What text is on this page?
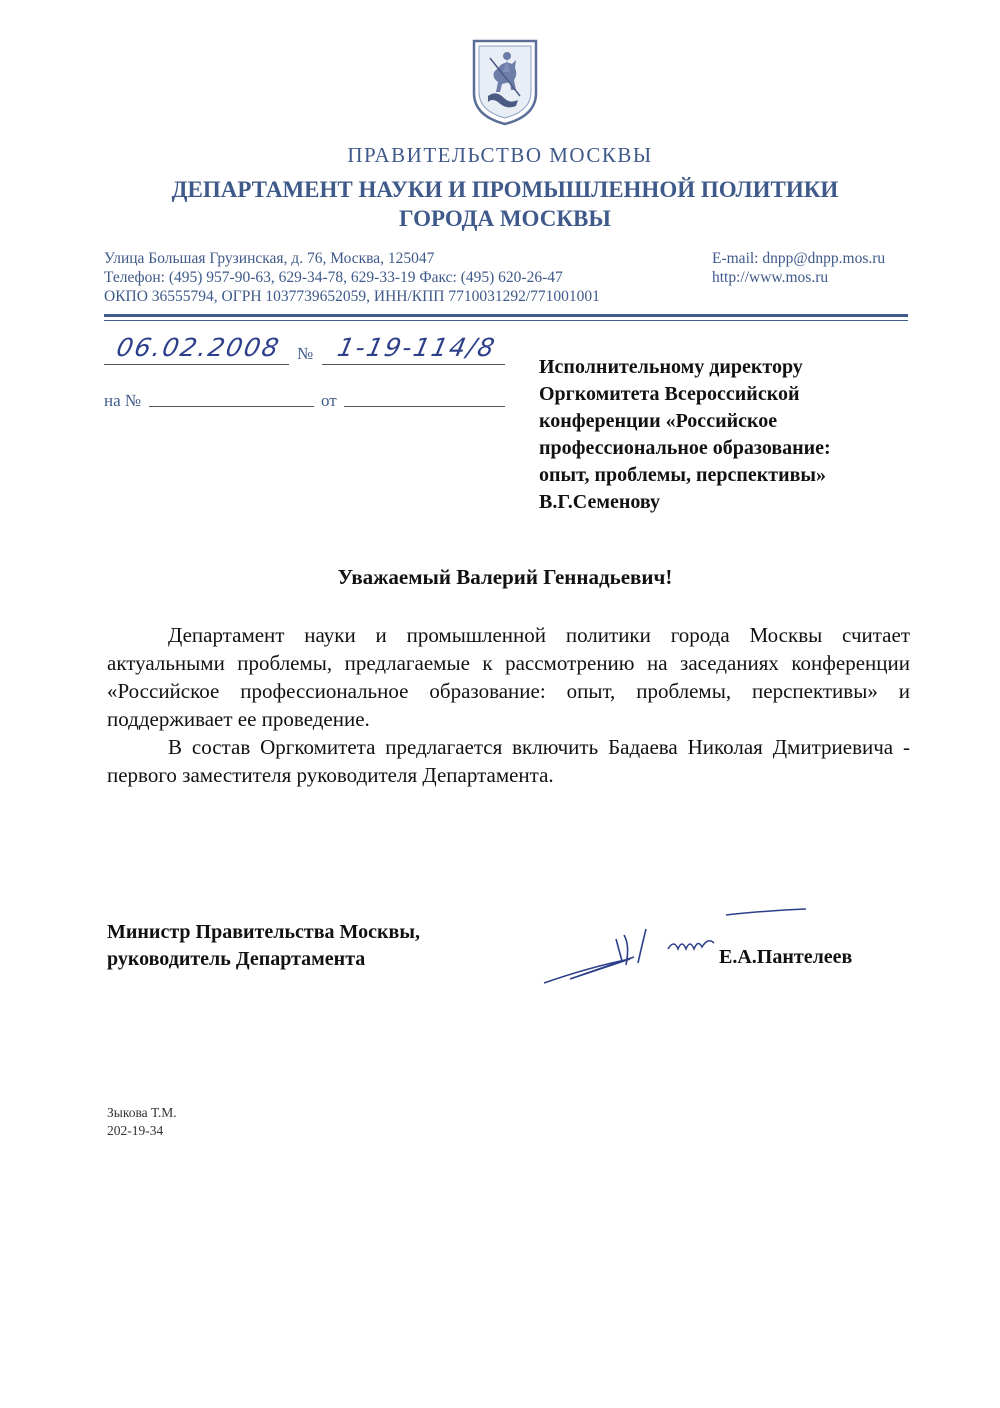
ПРАВИТЕЛЬСТВО МОСКВЫ
ДЕПАРТАМЕНТ НАУКИ И ПРОМЫШЛЕННОЙ ПОЛИТИКИ
ГОРОДА МОСКВЫ
Улица Большая Грузинская, д. 76, Москва, 125047
Телефон: (495) 957-90-63, 629-34-78, 629-33-19 Факс: (495) 620-26-47
ОКПО 36555794, ОГРН 1037739652059, ИНН/КПП 7710031292/771001001
E-mail: dnpp@dnpp.mos.ru
http://www.mos.ru
06.02.2008 № 1-19-114/8
на №	от
Исполнительному директору
Оргкомитета Всероссийской
конференции «Российское
профессиональное образование:
опыт, проблемы, перспективы»
В.Г.Семенову
Уважаемый Валерий Геннадьевич!

Департамент науки и промышленной политики города Москвы считает актуальными проблемы, предлагаемые к рассмотрению на заседаниях конференции «Российское профессиональное образование: опыт, проблемы, перспективы» и поддерживает ее проведение.

В состав Оргкомитета предлагается включить Бадаева Николая Дмитриевича - первого заместителя руководителя Департамента.

Министр Правительства Москвы,
руководитель Департамента	Е.А.Пантелеев
Зыкова Т.М.
202-19-34
